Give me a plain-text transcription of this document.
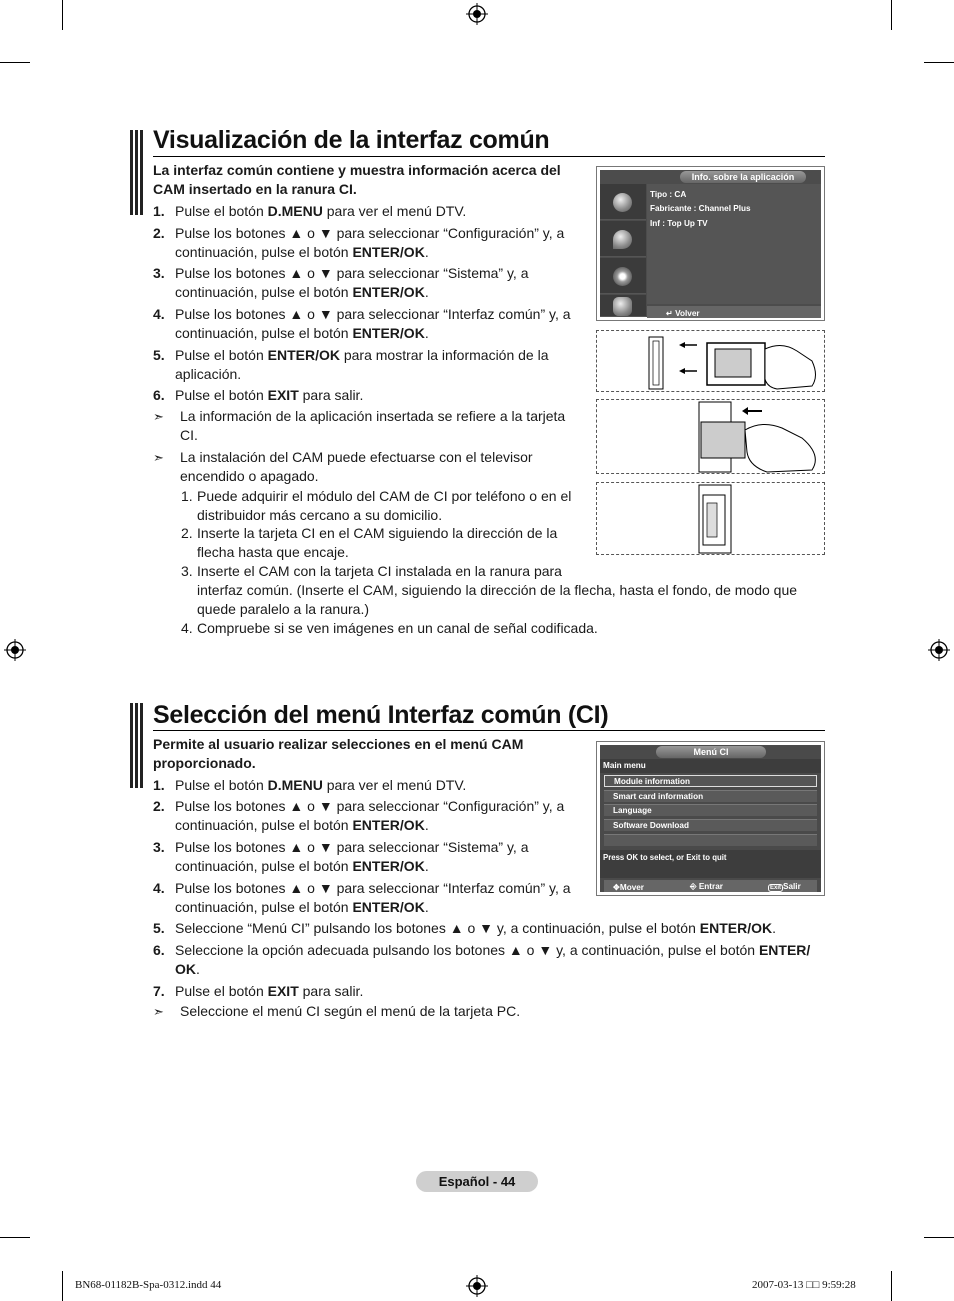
Visualización de la interfaz común
La interfaz común contiene y muestra información acerca del
CAM insertado en la ranura CI.
1. Pulse el botón D.MENU para ver el menú DTV.
2. Pulse los botones ▲ o ▼ para seleccionar “Configuración” y, a
continuación, pulse el botón ENTER/OK.
3. Pulse los botones ▲ o ▼ para seleccionar “Sistema” y, a
continuación, pulse el botón ENTER/OK.
4. Pulse los botones ▲ o ▼ para seleccionar “Interfaz común” y, a
continuación, pulse el botón ENTER/OK.
5. Pulse el botón ENTER/OK para mostrar la información de la
aplicación.
6. Pulse el botón EXIT para salir.
➣ La información de la aplicación insertada se refiere a la tarjeta
CI.
➣ La instalación del CAM puede efectuarse con el televisor
encendido o apagado.
1. Puede adquirir el módulo del CAM de CI por teléfono o en el
distribuidor más cercano a su domicilio.
2. Inserte la tarjeta CI en el CAM siguiendo la dirección de la
flecha hasta que encaje.
3. Inserte el CAM con la tarjeta CI instalada en la ranura para
interfaz común. (Inserte el CAM, siguiendo la dirección de la flecha, hasta el fondo, de modo que
quede paralelo a la ranura.)
4. Compruebe si se ven imágenes en un canal de señal codificada.
Info. sobre la aplicación
Tipo : CA
Fabricante : Channel Plus
Inf : Top Up TV
↵ Volver
Selección del menú Interfaz común (CI)
Permite al usuario realizar selecciones en el menú CAM
proporcionado.
1. Pulse el botón D.MENU para ver el menú DTV.
2. Pulse los botones ▲ o ▼ para seleccionar “Configuración” y, a
continuación, pulse el botón ENTER/OK.
3. Pulse los botones ▲ o ▼ para seleccionar “Sistema” y, a
continuación, pulse el botón ENTER/OK.
4. Pulse los botones ▲ o ▼ para seleccionar “Interfaz común” y, a
continuación, pulse el botón ENTER/OK.
5. Seleccione “Menú CI” pulsando los botones ▲ o ▼ y, a continuación, pulse el botón ENTER/OK.
6. Seleccione la opción adecuada pulsando los botones ▲ o ▼ y, a continuación, pulse el botón ENTER/
OK.
7. Pulse el botón EXIT para salir.
➣ Seleccione el menú CI según el menú de la tarjeta PC.
Menú CI
Main menu
Module information
Smart card information
Language
Software Download
Press OK to select, or Exit to quit
✥Mover	⎆ Entrar	Exit Salir
Español - 44
BN68-01182B-Spa-0312.indd 44	2007-03-13 □□ 9:59:28
